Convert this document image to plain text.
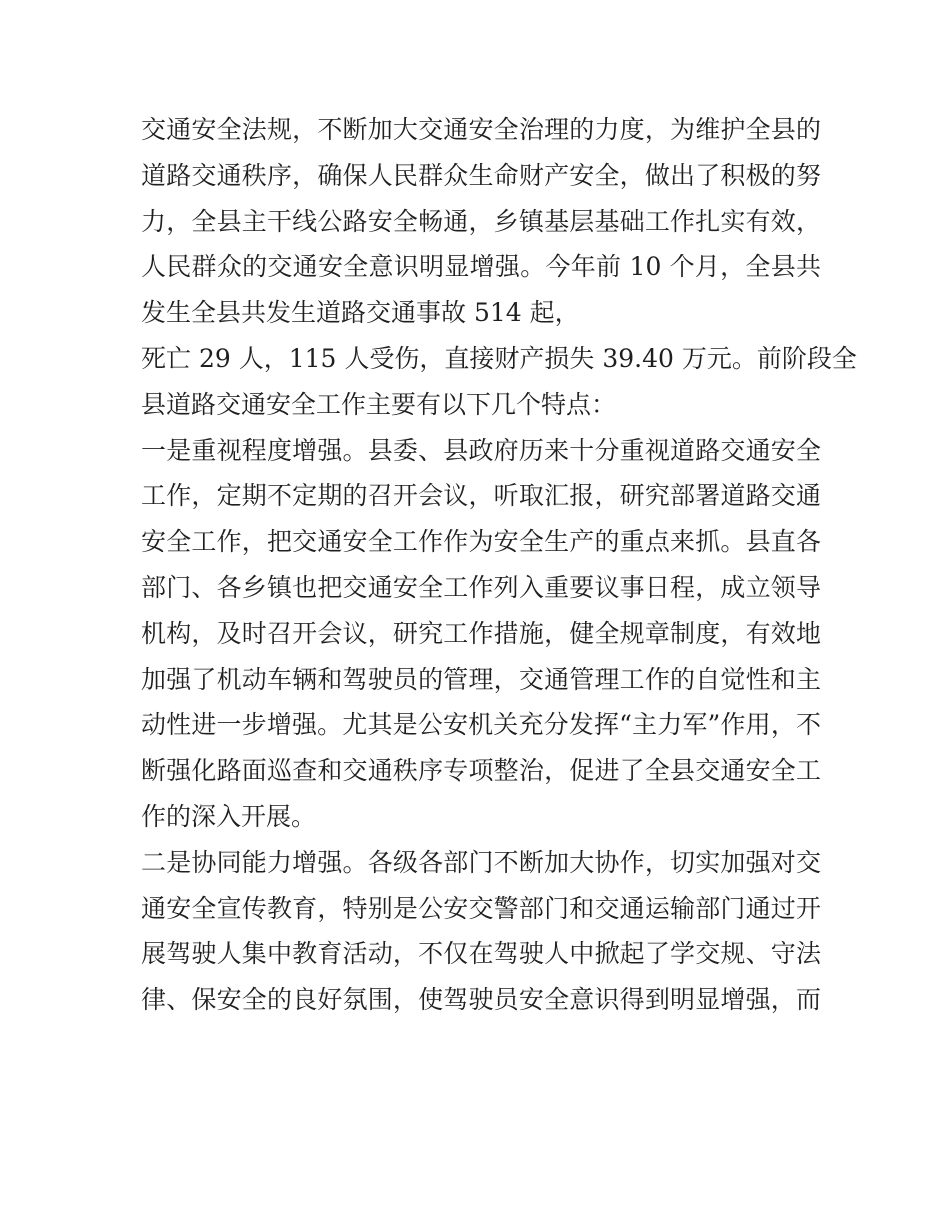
交通安全法规，不断加大交通安全治理的力度，为维护全县的
道路交通秩序，确保人民群众生命财产安全，做出了积极的努
力，全县主干线公路安全畅通，乡镇基层基础工作扎实有效，
人民群众的交通安全意识明显增强。今年前 10 个月，全县共
发生全县共发生道路交通事故 514 起，
死亡 29 人，115 人受伤，直接财产损失 39.40 万元。前阶段全
县道路交通安全工作主要有以下几个特点：
一是重视程度增强。县委、县政府历来十分重视道路交通安全
工作，定期不定期的召开会议，听取汇报，研究部署道路交通
安全工作，把交通安全工作作为安全生产的重点来抓。县直各
部门、各乡镇也把交通安全工作列入重要议事日程，成立领导
机构，及时召开会议，研究工作措施，健全规章制度，有效地
加强了机动车辆和驾驶员的管理，交通管理工作的自觉性和主
动性进一步增强。尤其是公安机关充分发挥“主力军”作用，不
断强化路面巡查和交通秩序专项整治，促进了全县交通安全工
作的深入开展。
二是协同能力增强。各级各部门不断加大协作，切实加强对交
通安全宣传教育，特别是公安交警部门和交通运输部门通过开
展驾驶人集中教育活动，不仅在驾驶人中掀起了学交规、守法
律、保安全的良好氛围，使驾驶员安全意识得到明显增强，而
